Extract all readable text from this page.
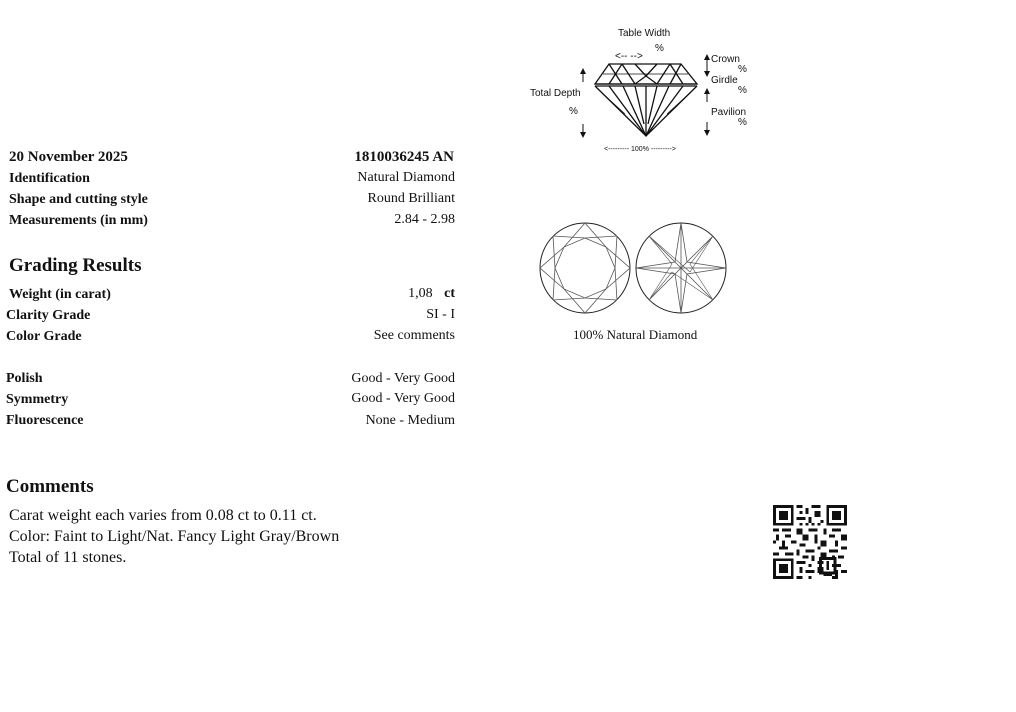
20 November 2025	1810036245 AN
Identification	Natural Diamond
Shape and cutting style	Round Brilliant
Measurements (in mm)	2.84 - 2.98
Grading Results
Weight (in carat)	1,08 ct
Clarity Grade	SI - I
Color Grade	See comments
Polish	Good - Very Good
Symmetry	Good - Very Good
Fluorescence	None - Medium
Comments
Carat weight each varies from 0.08 ct to 0.11 ct.
Color: Faint to Light/Nat. Fancy Light Gray/Brown
Total of 11 stones.
Table Width
%
<-- -->
Total Depth
%
Crown
%
Girdle
%
Pavilion
%
<--------- 100% --------->
100% Natural Diamond
